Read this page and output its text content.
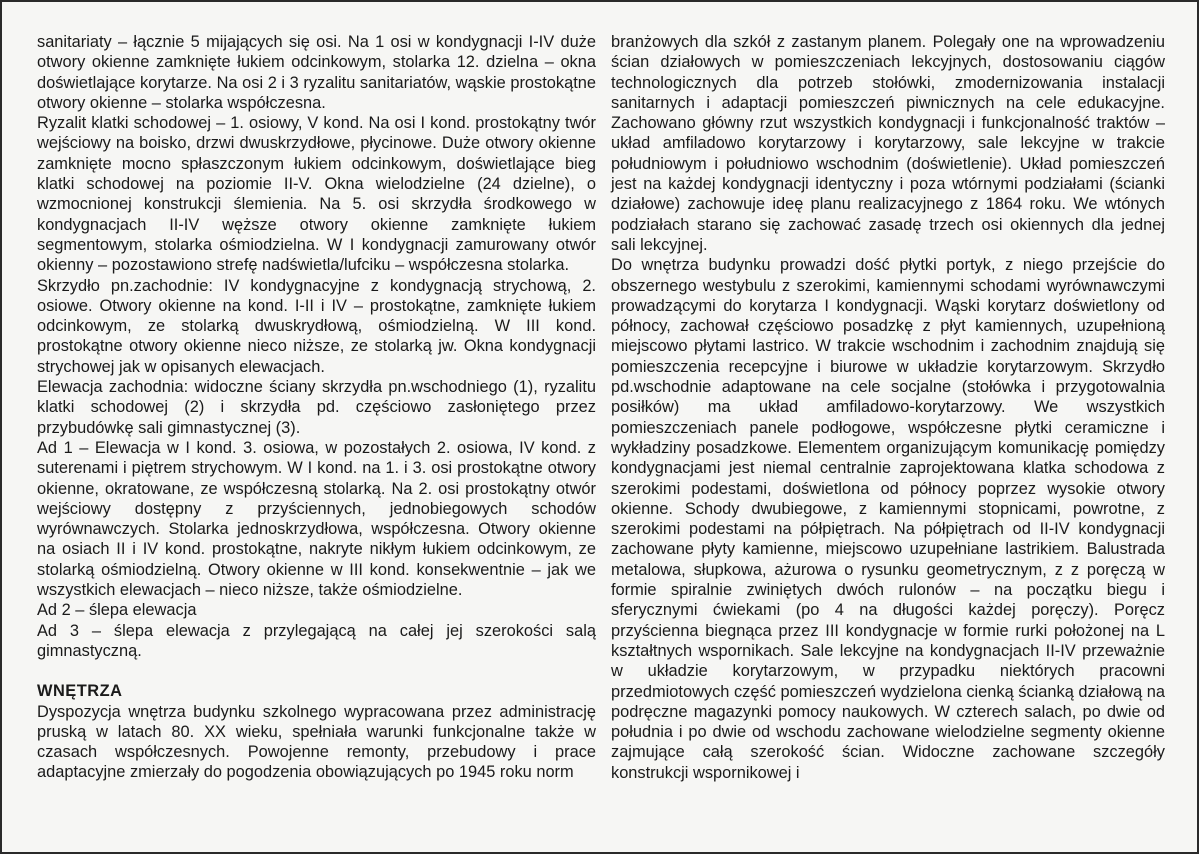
sanitariaty – łącznie 5 mijających się osi. Na 1 osi w kondygnacji I-IV duże otwory okienne zamknięte łukiem odcinkowym, stolarka 12. dzielna – okna doświetlające korytarze. Na osi 2 i 3 ryzalitu sanitariatów, wąskie prostokątne otwory okienne – stolarka współczesna.

Ryzalit klatki schodowej – 1. osiowy, V kond. Na osi I kond. prostokątny twór wejściowy na boisko, drzwi dwuskrzydłowe, płycinowe. Duże otwory okienne zamknięte mocno spłaszczonym łukiem odcinkowym, doświetlające bieg klatki schodowej na poziomie II-V. Okna wielodzielne (24 dzielne), o wzmocnionej konstrukcji ślemienia. Na 5. osi skrzydła środkowego w kondygnacjach II-IV węższe otwory okienne zamknięte łukiem segmentowym, stolarka ośmiodzielna. W I kondygnacji zamurowany otwór okienny – pozostawiono strefę nadświetla/lufciku – współczesna stolarka.

Skrzydło pn.zachodnie: IV kondygnacyjne z kondygnacją strychową, 2. osiowe. Otwory okienne na kond. I-II i IV – prostokątne, zamknięte łukiem odcinkowym, ze stolarką dwuskrydłową, ośmiodzielną. W III kond. prostokątne otwory okienne nieco niższe, ze stolarką jw. Okna kondygnacji strychowej jak w opisanych elewacjach.

Elewacja zachodnia: widoczne ściany skrzydła pn.wschodniego (1), ryzalitu klatki schodowej (2) i skrzydła pd. częściowo zasłoniętego przez przybudówkę sali gimnastycznej (3).

Ad 1 – Elewacja w I kond. 3. osiowa, w pozostałych 2. osiowa, IV kond. z suterenami i piętrem strychowym. W I kond. na 1. i 3. osi prostokątne otwory okienne, okratowane, ze współczesną stolarką. Na 2. osi prostokątny otwór wejściowy dostępny z przyściennych, jednobiegowych schodów wyrównawczych. Stolarka jednoskrzydłowa, współczesna. Otwory okienne na osiach II i IV kond. prostokątne, nakryte nikłym łukiem odcinkowym, ze stolarką ośmiodzielną. Otwory okienne w III kond. konsekwentnie – jak we wszystkich elewacjach – nieco niższe, także ośmiodzielne.

Ad 2 – ślepa elewacja

Ad 3 – ślepa elewacja z przylegającą na całej jej szerokości salą gimnastyczną.

WNĘTRZA

Dyspozycja wnętrza budynku szkolnego wypracowana przez administrację pruską w latach 80. XX wieku, spełniała warunki funkcjonalne także w czasach współczesnych. Powojenne remonty, przebudowy i prace adaptacyjne zmierzały do pogodzenia obowiązujących po 1945 roku norm

branżowych dla szkół z zastanym planem. Polegały one na wprowadzeniu ścian działowych w pomieszczeniach lekcyjnych, dostosowaniu ciągów technologicznych dla potrzeb stołówki, zmodernizowania instalacji sanitarnych i adaptacji pomieszczeń piwnicznych na cele edukacyjne. Zachowano główny rzut wszystkich kondygnacji i funkcjonalność traktów – układ amfiladowo korytarzowy i korytarzowy, sale lekcyjne w trakcie południowym i południowo wschodnim (doświetlenie). Układ pomieszczeń jest na każdej kondygnacji identyczny i poza wtórnymi podziałami (ścianki działowe) zachowuje ideę planu realizacyjnego z 1864 roku. We wtónych podziałach starano się zachować zasadę trzech osi okiennych dla jednej sali lekcyjnej.

Do wnętrza budynku prowadzi dość płytki portyk, z niego przejście do obszernego westybulu z szerokimi, kamiennymi schodami wyrównawczymi prowadzącymi do korytarza I kondygnacji. Wąski korytarz doświetlony od północy, zachował częściowo posadzkę z płyt kamiennych, uzupełnioną miejscowo płytami lastrico. W trakcie wschodnim i zachodnim znajdują się pomieszczenia recepcyjne i biurowe w układzie korytarzowym. Skrzydło pd.wschodnie adaptowane na cele socjalne (stołówka i przygotowalnia posiłków) ma układ amfiladowo-korytarzowy. We wszystkich pomieszczeniach panele podłogowe, współczesne płytki ceramiczne i wykładziny posadzkowe. Elementem organizującym komunikację pomiędzy kondygnacjami jest niemal centralnie zaprojektowana klatka schodowa z szerokimi podestami, doświetlona od północy poprzez wysokie otwory okienne. Schody dwubiegowe, z kamiennymi stopnicami, powrotne, z szerokimi podestami na półpiętrach. Na półpiętrach od II-IV kondygnacji zachowane płyty kamienne, miejscowo uzupełniane lastrikiem. Balustrada metalowa, słupkowa, ażurowa o rysunku geometrycznym, z z poręczą w formie spiralnie zwiniętych dwóch rulonów – na początku biegu i sferycznymi ćwiekami (po 4 na długości każdej poręczy). Poręcz przyścienna biegnąca przez III kondygnacje w formie rurki położonej na L kształtnych wspornikach. Sale lekcyjne na kondygnacjach II-IV przeważnie w układzie korytarzowym, w przypadku niektórych pracowni przedmiotowych część pomieszczeń wydzielona cienką ścianką działową na podręczne magazynki pomocy naukowych. W czterech salach, po dwie od południa i po dwie od wschodu zachowane wielodzielne segmenty okienne zajmujące całą szerokość ścian. Widoczne zachowane szczegóły konstrukcji wspornikowej i
